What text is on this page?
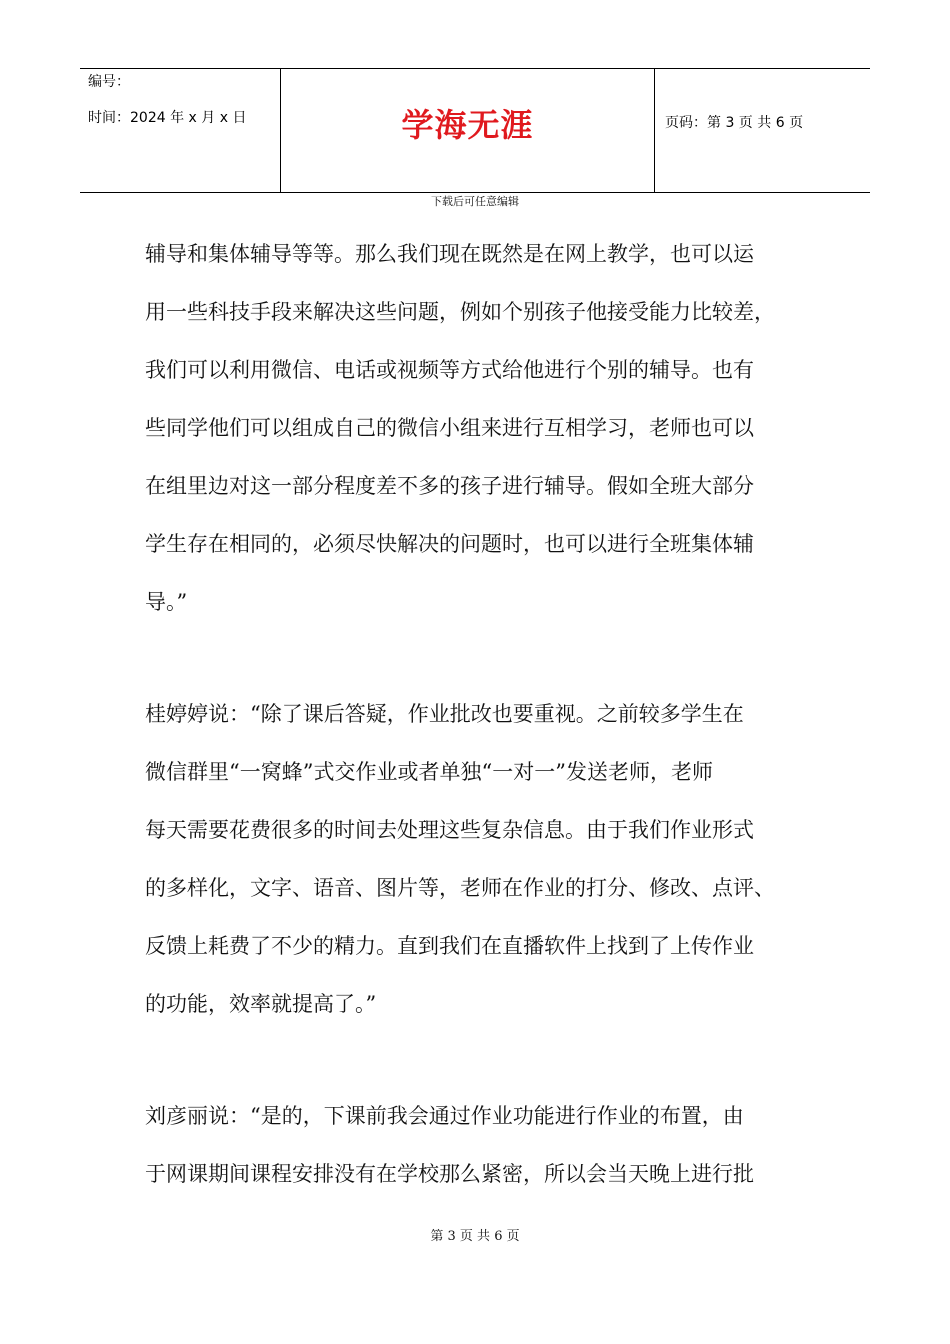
编号：
时间：2024 年 x 月 x 日	学海无涯	页码：第 3 页 共 6 页
下载后可任意编辑
辅导和集体辅导等等。那么我们现在既然是在网上教学，也可以运
用一些科技手段来解决这些问题，例如个别孩子他接受能力比较差，
我们可以利用微信、电话或视频等方式给他进行个别的辅导。也有
些同学他们可以组成自己的微信小组来进行互相学习，老师也可以
在组里边对这一部分程度差不多的孩子进行辅导。假如全班大部分
学生存在相同的，必须尽快解决的问题时，也可以进行全班集体辅
导。”
桂婷婷说：“除了课后答疑，作业批改也要重视。之前较多学生在
微信群里“一窝蜂”式交作业或者单独“一对一”发送老师，老师
每天需要花费很多的时间去处理这些复杂信息。由于我们作业形式
的多样化，文字、语音、图片等，老师在作业的打分、修改、点评、
反馈上耗费了不少的精力。直到我们在直播软件上找到了上传作业
的功能，效率就提高了。”
刘彦丽说：“是的，下课前我会通过作业功能进行作业的布置，由
于网课期间课程安排没有在学校那么紧密，所以会当天晚上进行批
第 3 页 共 6 页
